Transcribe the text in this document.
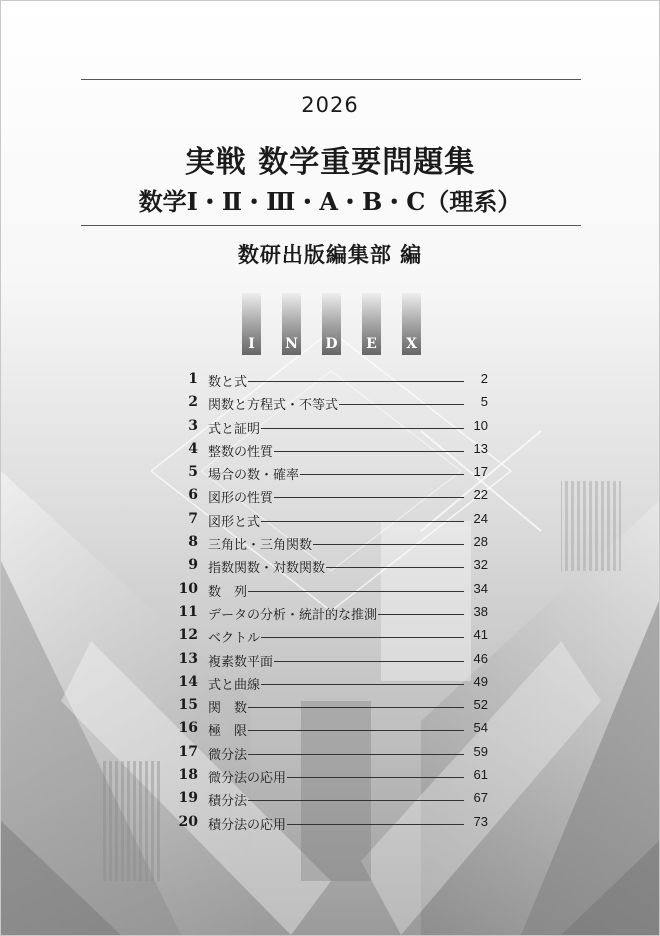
2026
実戦 数学重要問題集
数学Ⅰ・Ⅱ・Ⅲ・A・B・C（理系）
数研出版編集部 編
I	N D E X
1 数と式	2
2 関数と方程式・不等式	5
3 式と証明	10
4 整数の性質	13
5 場合の数・確率	17
6 図形の性質	22
7 図形と式	24
8 三角比・三角関数	28
9 指数関数・対数関数	32
10 数　列	34
11 データの分析・統計的な推測	38
12 ベクトル	41
13 複素数平面	46
14 式と曲線	49
15 関　数	52
16 極　限	54
17 微分法	59
18 微分法の応用	61
19 積分法	67
20 積分法の応用	73
